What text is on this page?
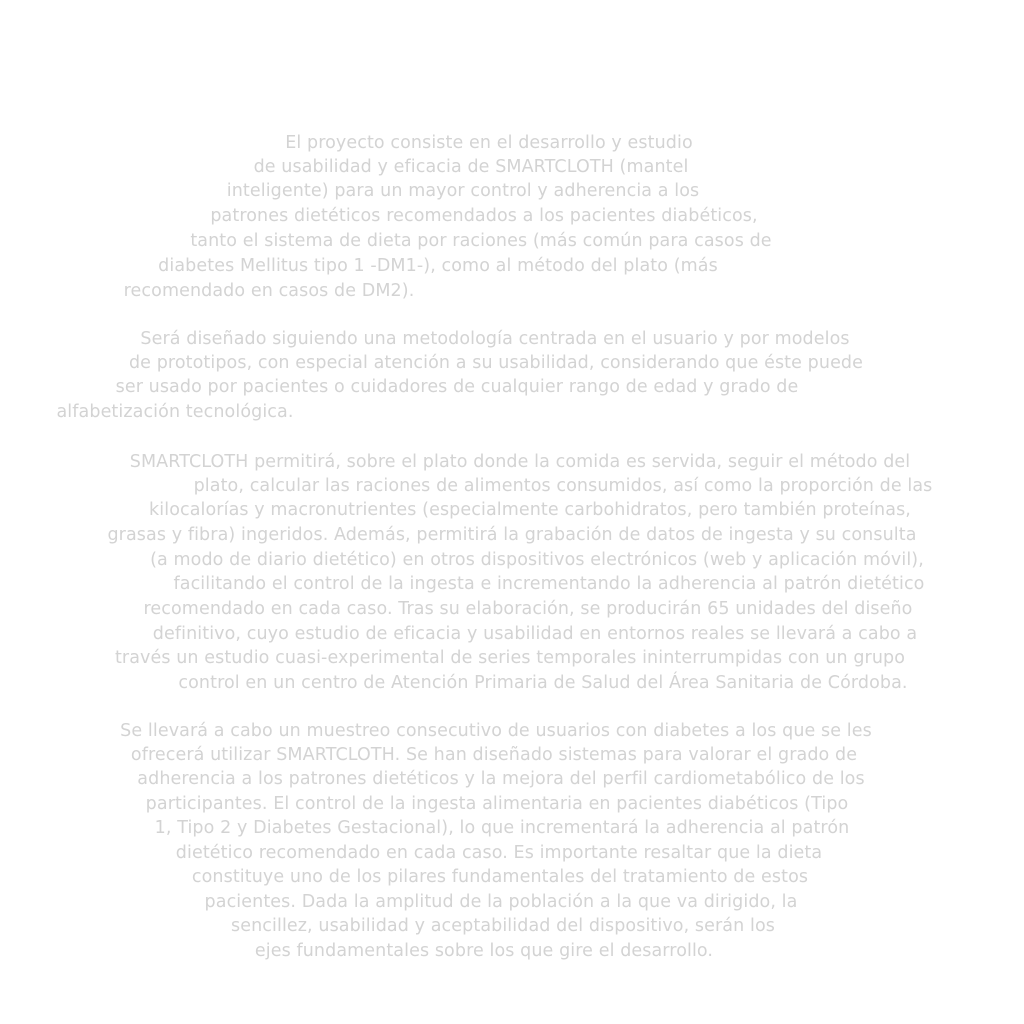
El proyecto consiste en el desarrollo y estudio
de usabilidad y eficacia de SMARTCLOTH (mantel
inteligente) para un mayor control y adherencia a los
patrones dietéticos recomendados a los pacientes diabéticos,
tanto el sistema de dieta por raciones (más común para casos de
diabetes Mellitus tipo 1 -DM1-), como al método del plato (más
recomendado en casos de DM2).
Será diseñado siguiendo una metodología centrada en el usuario y por modelos
de prototipos, con especial atención a su usabilidad, considerando que éste puede
ser usado por pacientes o cuidadores de cualquier rango de edad y grado de
alfabetización tecnológica.
SMARTCLOTH permitirá, sobre el plato donde la comida es servida, seguir el método del
plato, calcular las raciones de alimentos consumidos, así como la proporción de las
kilocalorías y macronutrientes (especialmente carbohidratos, pero también proteínas,
grasas y fibra) ingeridos. Además, permitirá la grabación de datos de ingesta y su consulta
(a modo de diario dietético) en otros dispositivos electrónicos (web y aplicación móvil),
facilitando el control de la ingesta e incrementando la adherencia al patrón dietético
recomendado en cada caso. Tras su elaboración, se producirán 65 unidades del diseño
definitivo, cuyo estudio de eficacia y usabilidad en entornos reales se llevará a cabo a
través un estudio cuasi-experimental de series temporales ininterrumpidas con un grupo
control en un centro de Atención Primaria de Salud del Área Sanitaria de Córdoba.
Se llevará a cabo un muestreo consecutivo de usuarios con diabetes a los que se les
ofrecerá utilizar SMARTCLOTH. Se han diseñado sistemas para valorar el grado de
adherencia a los patrones dietéticos y la mejora del perfil cardiometabólico de los
participantes. El control de la ingesta alimentaria en pacientes diabéticos (Tipo
1, Tipo 2 y Diabetes Gestacional), lo que incrementará la adherencia al patrón
dietético recomendado en cada caso. Es importante resaltar que la dieta
constituye uno de los pilares fundamentales del tratamiento de estos
pacientes. Dada la amplitud de la población a la que va dirigido, la
sencillez, usabilidad y aceptabilidad del dispositivo, serán los
ejes fundamentales sobre los que gire el desarrollo.
